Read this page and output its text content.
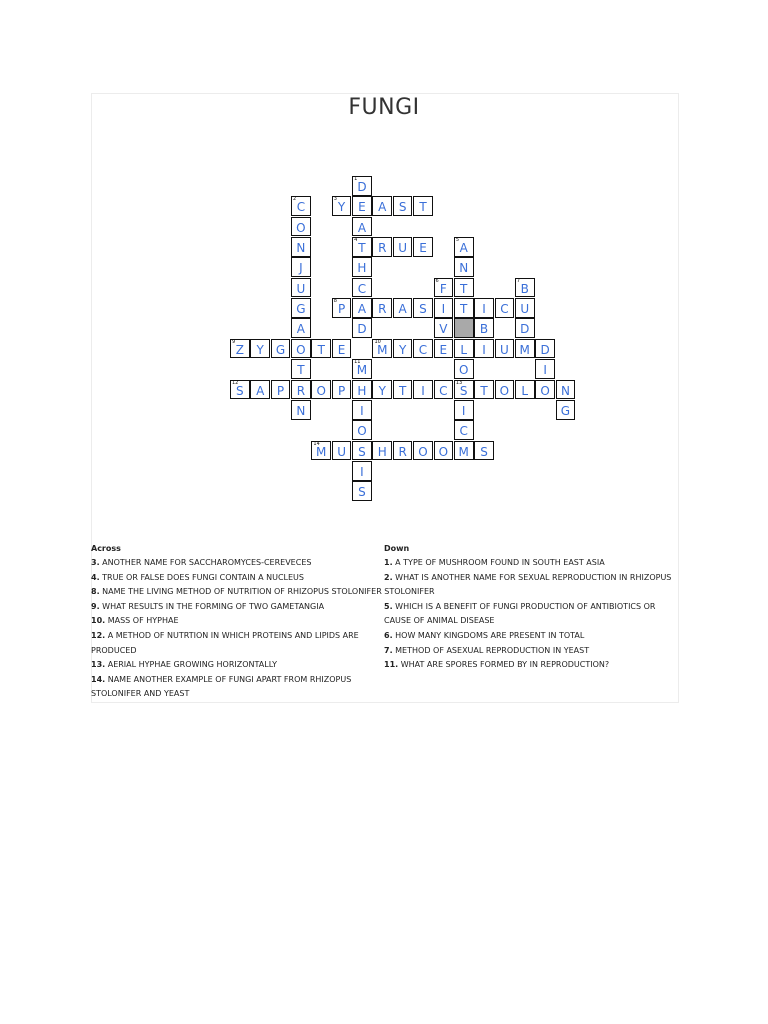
FUNGI
1
D
2
C
3
Y	E	A	S	T
O	A
N
4
T	R U	E
5
A
J	H	N
U	C
6
F	T
7
B
G
8
P	A	R	A	S	I	T	I	C U
A	D	V	B	D
9
Z	Y	G O T	E
10
M Y	C	E	L	I	U M D
T
11
M	O	I
12
S	A	P	R O	P	H	Y	T	I	C
13
S	T O	L	O N
N	I	I	G
O	C
14
M U	S	H R O O M S
I
S
Across
3. ANOTHER NAME FOR SACCHAROMYCES-CEREVECES
4. TRUE OR FALSE DOES FUNGI CONTAIN A NUCLEUS
8. NAME THE LIVING METHOD OF NUTRITION OF RHIZOPUS STOLONIFER STOLONIFER
9. WHAT RESULTS IN THE FORMING OF TWO GAMETANGIA
10. MASS OF HYPHAE
12. A METHOD OF NUTRTION IN WHICH PROTEINS AND LIPIDS ARE PRODUCED
13. AERIAL HYPHAE GROWING HORIZONTALLY
14. NAME ANOTHER EXAMPLE OF FUNGI APART FROM RHIZOPUS STOLONIFER AND YEAST
Down
1. A TYPE OF MUSHROOM FOUND IN SOUTH EAST ASIA
2. WHAT IS ANOTHER NAME FOR SEXUAL REPRODUCTION IN RHIZOPUS
5. WHICH IS A BENEFIT OF FUNGI PRODUCTION OF ANTIBIOTICS OR CAUSE OF ANIMAL DISEASE
6. HOW MANY KINGDOMS ARE PRESENT IN TOTAL
7. METHOD OF ASEXUAL REPRODUCTION IN YEAST
11. WHAT ARE SPORES FORMED BY IN REPRODUCTION?
